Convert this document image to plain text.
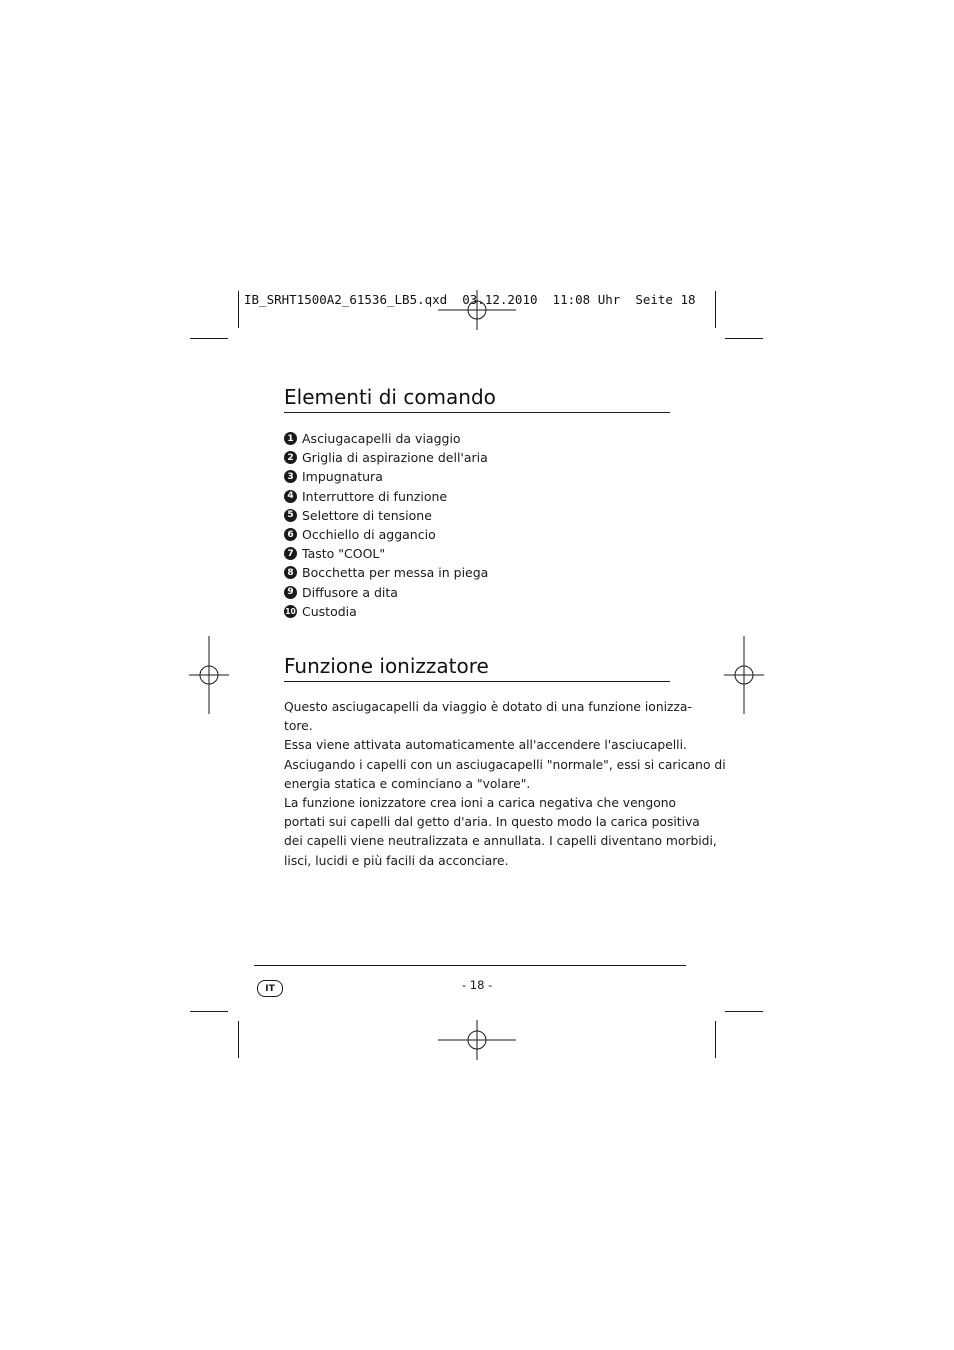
IB_SRHT1500A2_61536_LB5.qxd  03.12.2010  11:08 Uhr  Seite 18
Elementi di comando
1 Asciugacapelli da viaggio
2 Griglia di aspirazione dell'aria
3 Impugnatura
4 Interruttore di funzione
5 Selettore di tensione
6 Occhiello di aggancio
7 Tasto "COOL"
8 Bocchetta per messa in piega
9 Diffusore a dita
10 Custodia
Funzione ionizzatore
Questo asciugacapelli da viaggio è dotato di una funzione ionizza-
tore.
Essa viene attivata automaticamente all'accendere l'asciucapelli.
Asciugando i capelli con un asciugacapelli "normale", essi si caricano di
energia statica e cominciano a "volare".
La funzione ionizzatore crea ioni a carica negativa che vengono
portati sui capelli dal getto d'aria. In questo modo la carica positiva
dei capelli viene neutralizzata e annullata. I capelli diventano morbidi,
lisci, lucidi e più facili da acconciare.
IT	- 18 -
